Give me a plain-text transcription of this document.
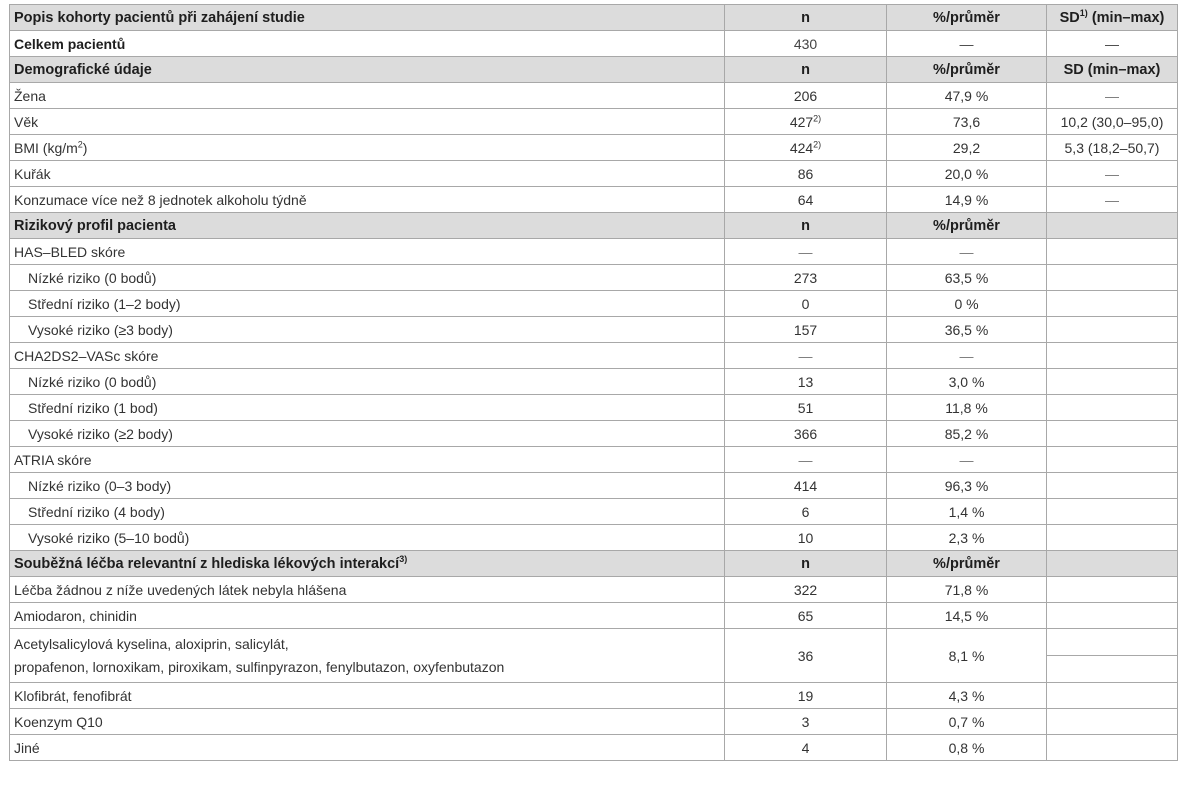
Popis kohorty pacientů při zahájení studie	n	%/průměr	SD$^{1)}$ (min–max)
Celkem pacientů	430	—	—
Demografické údaje	n	%/průměr	SD (min–max)
Žena	206	47,9 %	—
Věk	427$^{2)}$	73,6	10,2 (30,0–95,0)
BMI $(kg/m^2)$	424$^{2)}$	29,2	5,3 (18,2–50,7)
Kuřák	86	20,0 %	—
Konzumace více než 8 jednotek alkoholu týdně	64	14,9 %	—
Rizikový profil pacienta	n	%/průměr	
HAS–BLED skóre	—	—	
Nízké riziko (0 bodů)	273	63,5 %	
Střední riziko (1–2 body)	0	0 %	
Vysoké riziko (≥3 body)	157	36,5 %	
CHA2DS2–VASc skóre	—	—	
Nízké riziko (0 bodů)	13	3,0 %	
Střední riziko (1 bod)	51	11,8 %	
Vysoké riziko (≥2 body)	366	85,2 %	
ATRIA skóre	—	—	
Nízké riziko (0–3 body)	414	96,3 %	
Střední riziko (4 body)	6	1,4 %	
Vysoké riziko (5–10 bodů)	10	2,3 %	
Souběžná léčba relevantní z hlediska lékových interakcí$^{3)}$	n	%/průměr	
Léčba žádnou z níže uvedených látek nebyla hlášena	322	71,8 %	
Amiodaron, chinidin	65	14,5 %	

Acetylsalicylová kyselina, aloxiprin, salicylát,
propafenon, lornoxikam, piroxikam, sulfinpyrazon, fenylbutazon, oxyfenbutazon	36	8,1 %	

Klofibrát, fenofibrát	19	4,3 %	
Koenzym Q10	3	0,7 %	
Jiné	4	0,8 %	
